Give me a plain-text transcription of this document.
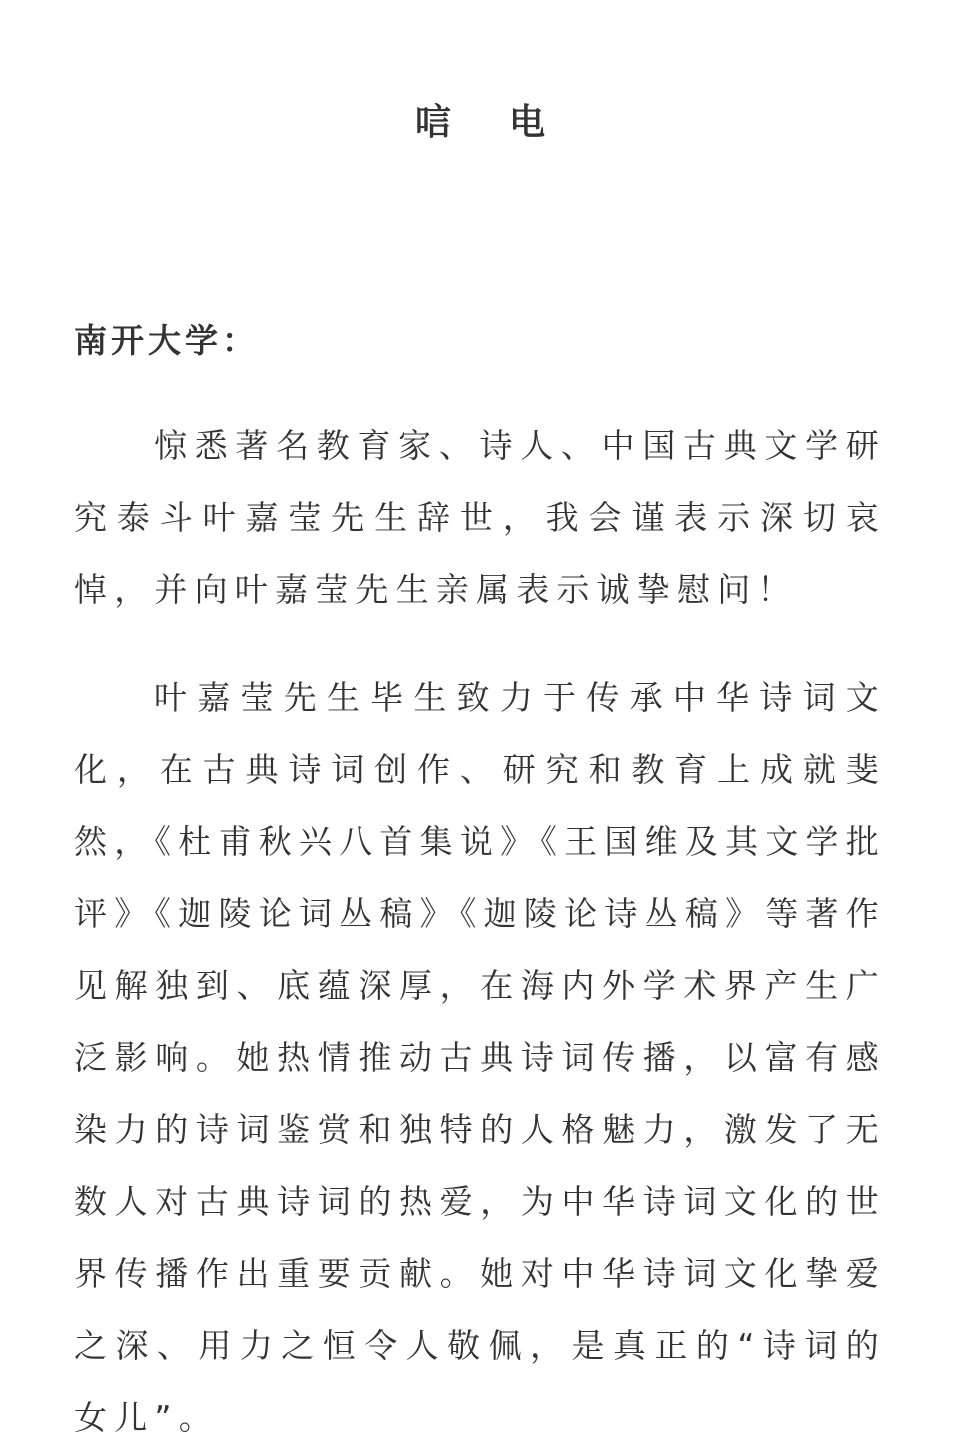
唁电
南开大学：

惊悉著名教育家、诗人、中国古典文学研究泰斗叶嘉莹先生辞世，我会谨表示深切哀悼，并向叶嘉莹先生亲属表示诚挚慰问！

叶嘉莹先生毕生致力于传承中华诗词文化，在古典诗词创作、研究和教育上成就斐然，《杜甫秋兴八首集说》《王国维及其文学批评》《迦陵论词丛稿》《迦陵论诗丛稿》等著作见解独到、底蕴深厚，在海内外学术界产生广泛影响。她热情推动古典诗词传播，以富有感染力的诗词鉴赏和独特的人格魅力，激发了无数人对古典诗词的热爱，为中华诗词文化的世界传播作出重要贡献。她对中华诗词文化挚爱之深、用力之恒令人敬佩，是真正的“诗词的女儿”。
